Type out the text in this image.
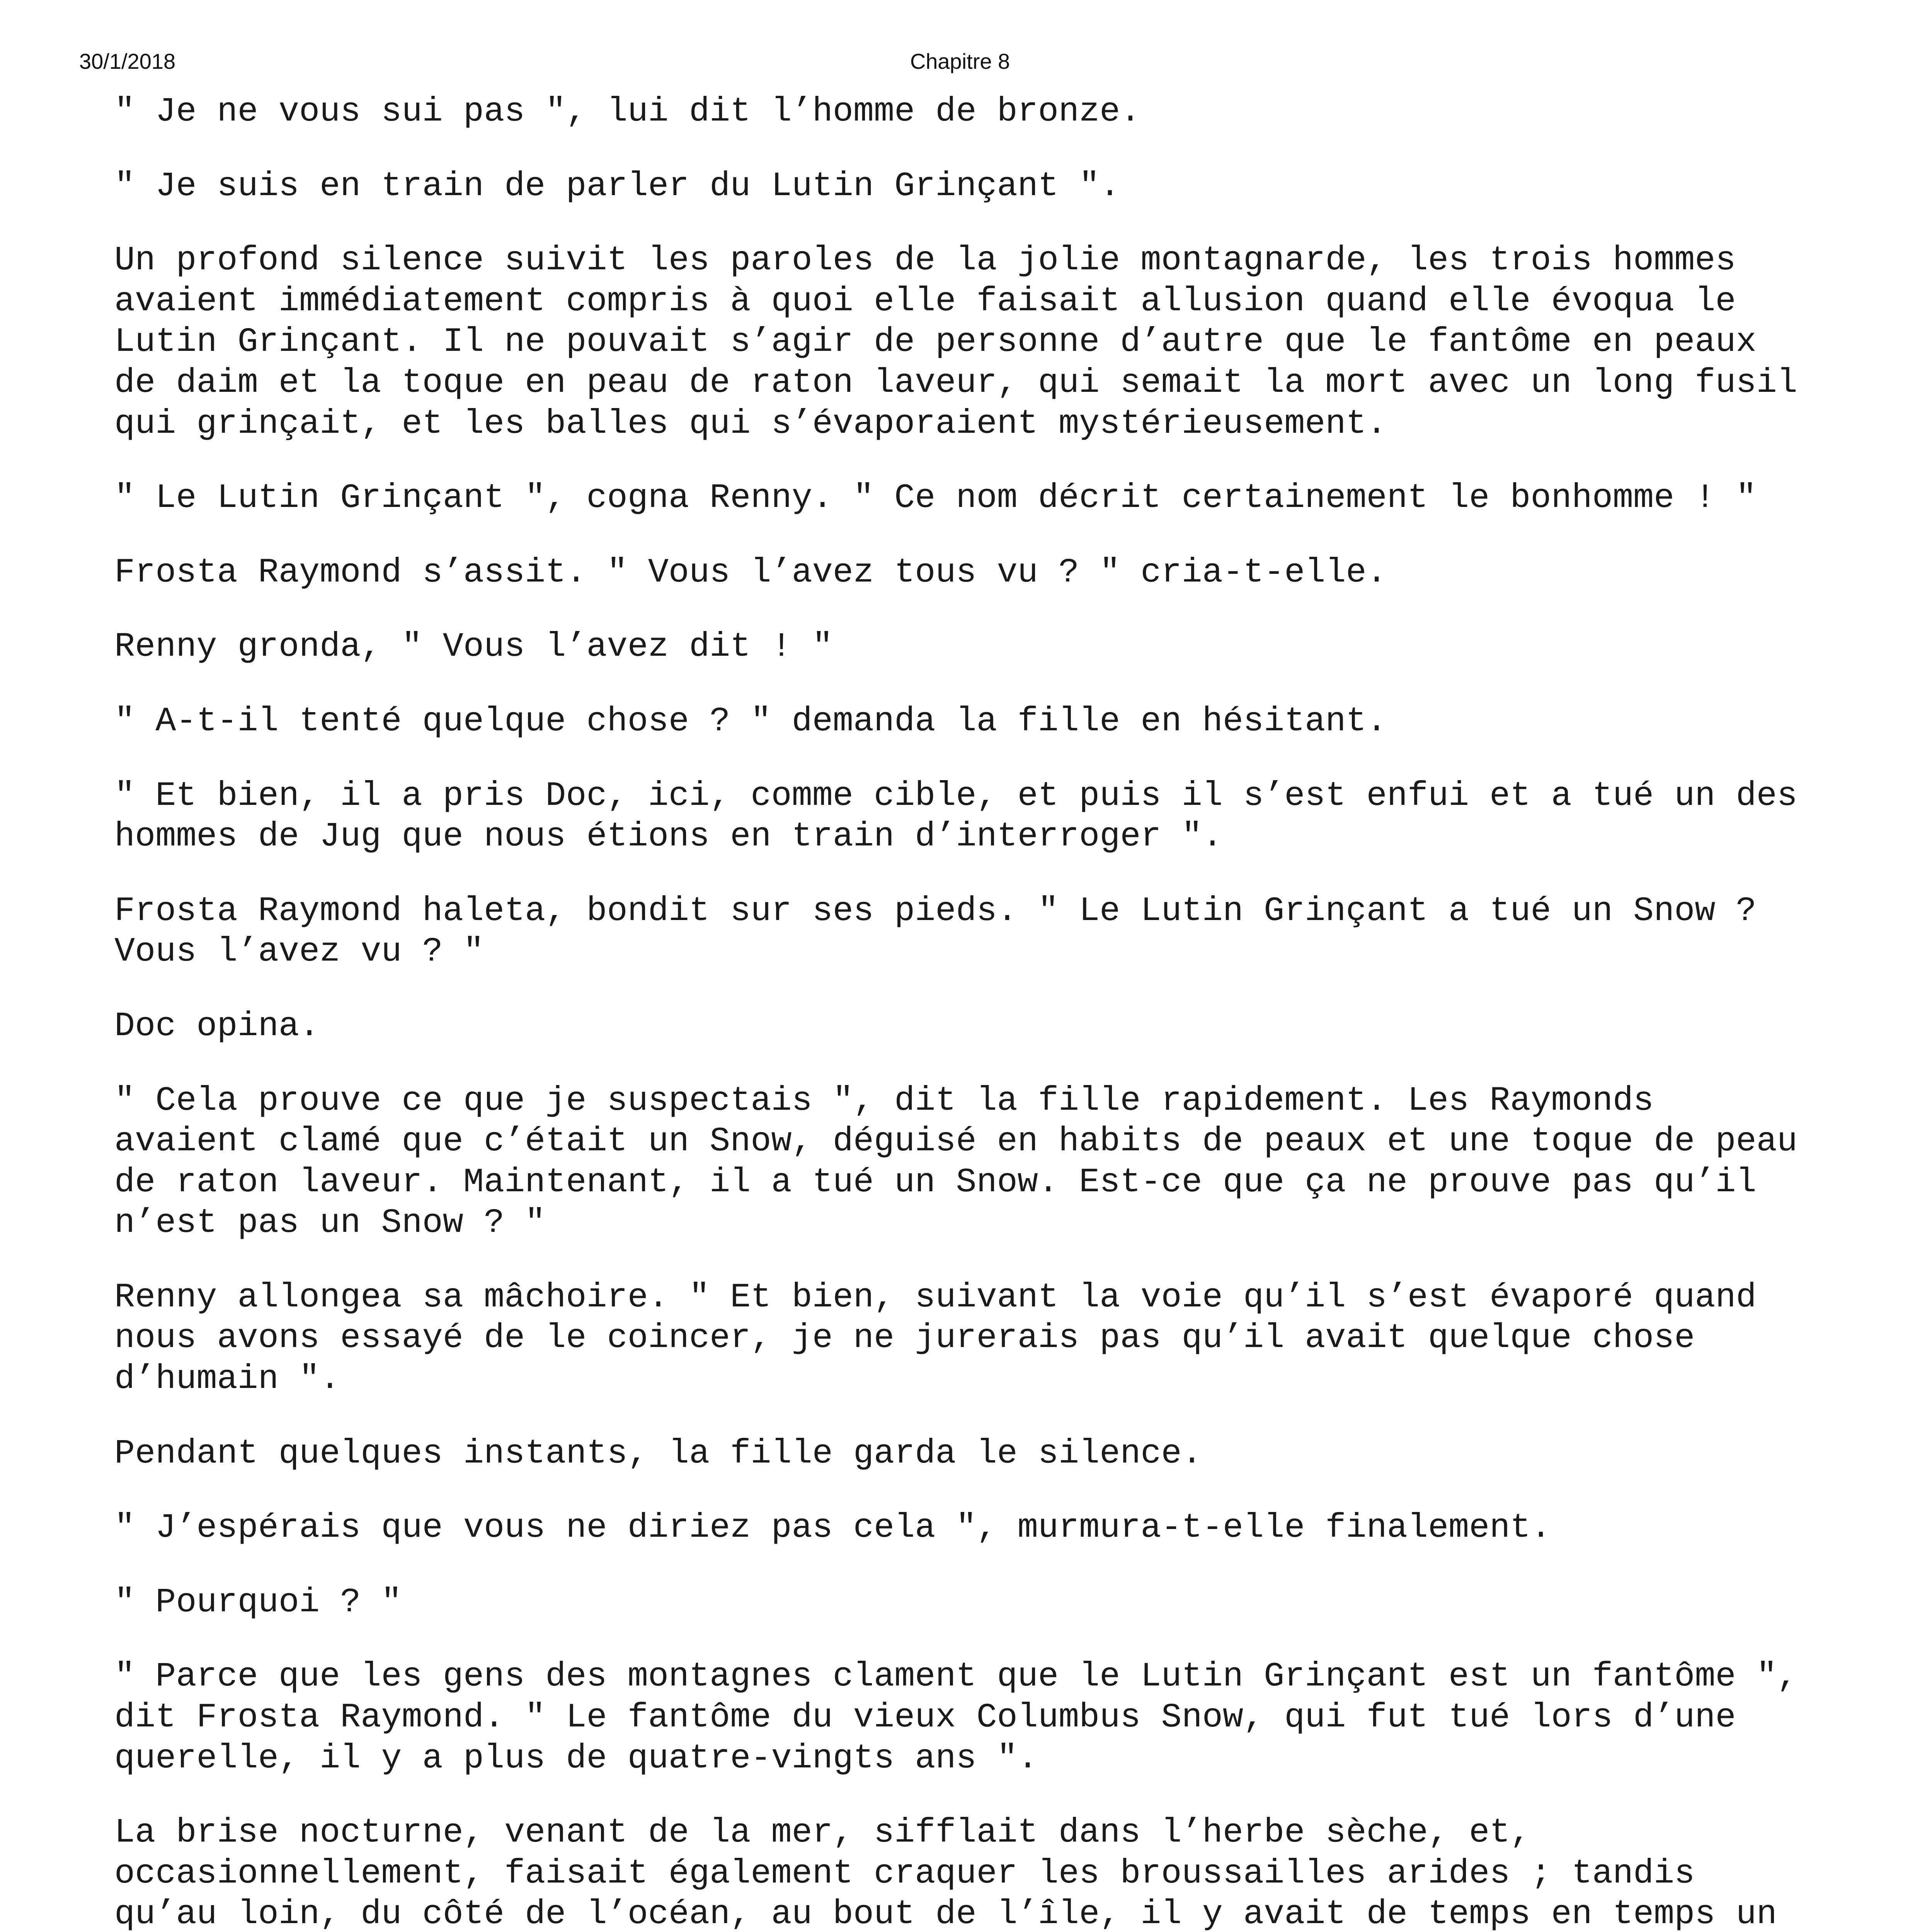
30/1/2018	Chapitre 8

" Je ne vous sui pas ", lui dit l’homme de bronze.

" Je suis en train de parler du Lutin Grinçant ".

Un profond silence suivit les paroles de la jolie montagnarde, les trois hommes
avaient immédiatement compris à quoi elle faisait allusion quand elle évoqua le
Lutin Grinçant. Il ne pouvait s’agir de personne d’autre que le fantôme en peaux
de daim et la toque en peau de raton laveur, qui semait la mort avec un long fusil
qui grinçait, et les balles qui s’évaporaient mystérieusement.

" Le Lutin Grinçant ", cogna Renny. " Ce nom décrit certainement le bonhomme ! "

Frosta Raymond s’assit. " Vous l’avez tous vu ? " cria-t-elle.

Renny gronda, " Vous l’avez dit ! "

" A-t-il tenté quelque chose ? " demanda la fille en hésitant.

" Et bien, il a pris Doc, ici, comme cible, et puis il s’est enfui et a tué un des
hommes de Jug que nous étions en train d’interroger ".

Frosta Raymond haleta, bondit sur ses pieds. " Le Lutin Grinçant a tué un Snow ?
Vous l’avez vu ? "

Doc opina.

" Cela prouve ce que je suspectais ", dit la fille rapidement. Les Raymonds
avaient clamé que c’était un Snow, déguisé en habits de peaux et une toque de peau
de raton laveur. Maintenant, il a tué un Snow. Est-ce que ça ne prouve pas qu’il
n’est pas un Snow ? "

Renny allongea sa mâchoire. " Et bien, suivant la voie qu’il s’est évaporé quand
nous avons essayé de le coincer, je ne jurerais pas qu’il avait quelque chose
d’humain ".

Pendant quelques instants, la fille garda le silence.

" J’espérais que vous ne diriez pas cela ", murmura-t-elle finalement.

" Pourquoi ? "

" Parce que les gens des montagnes clament que le Lutin Grinçant est un fantôme ",
dit Frosta Raymond. " Le fantôme du vieux Columbus Snow, qui fut tué lors d’une
querelle, il y a plus de quatre-vingts ans ".

La brise nocturne, venant de la mer, sifflait dans l’herbe sèche, et,
occasionnellement, faisait également craquer les broussailles arides ; tandis
qu’au loin, du côté de l’océan, au bout de l’île, il y avait de temps en temps un
